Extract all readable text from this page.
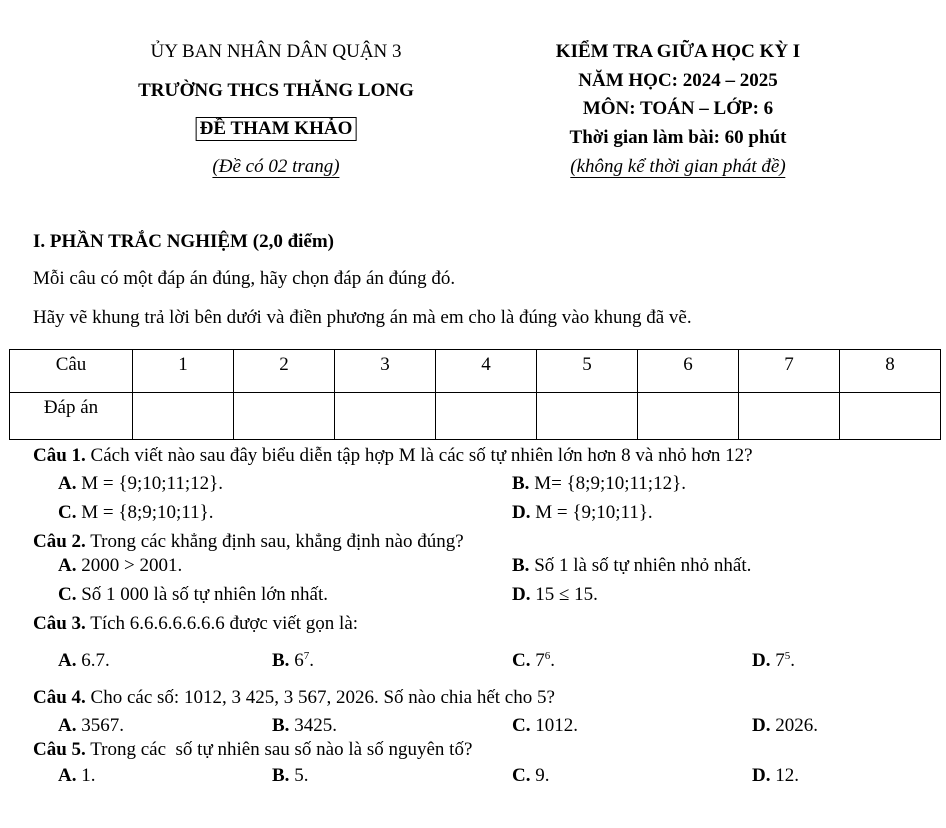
ỦY BAN NHÂN DÂN QUẬN 3
TRƯỜNG THCS THĂNG LONG
ĐỀ THAM KHẢO
(Đề có 02 trang)
KIỂM TRA GIỮA HỌC KỲ I
NĂM HỌC: 2024 – 2025
MÔN: TOÁN – LỚP: 6
Thời gian làm bài: 60 phút
(không kể thời gian phát đề)
I. PHẦN TRẮC NGHIỆM (2,0 điểm)
Mỗi câu có một đáp án đúng, hãy chọn đáp án đúng đó.
Hãy vẽ khung trả lời bên dưới và điền phương án mà em cho là đúng vào khung đã vẽ.
Câu	1	2	3	4	5	6	7	8
Đáp án								
Câu 1. Cách viết nào sau đây biểu diễn tập hợp M là các số tự nhiên lớn hơn 8 và nhỏ hơn 12?
A. M = {9;10;11;12}.	B. M= {8;9;10;11;12}.
C. M = {8;9;10;11}.	D. M = {9;10;11}.
Câu 2. Trong các khẳng định sau, khẳng định nào đúng?
A. 2000 > 2001.	B. Số 1 là số tự nhiên nhỏ nhất.
C. Số 1 000 là số tự nhiên lớn nhất.	D. 15 ≤ 15.
Câu 3. Tích 6.6.6.6.6.6.6 được viết gọn là:
A. 6.7.	B. $6^7$.	C. $7^6$.	D. $7^5$.
Câu 4. Cho các số: 1012, 3 425, 3 567, 2026. Số nào chia hết cho 5?
A. 3567.	B. 3425.	C. 1012.	D. 2026.
Câu 5. Trong các  số tự nhiên sau số nào là số nguyên tố?
A. 1.	B. 5.	C. 9.	D. 12.
